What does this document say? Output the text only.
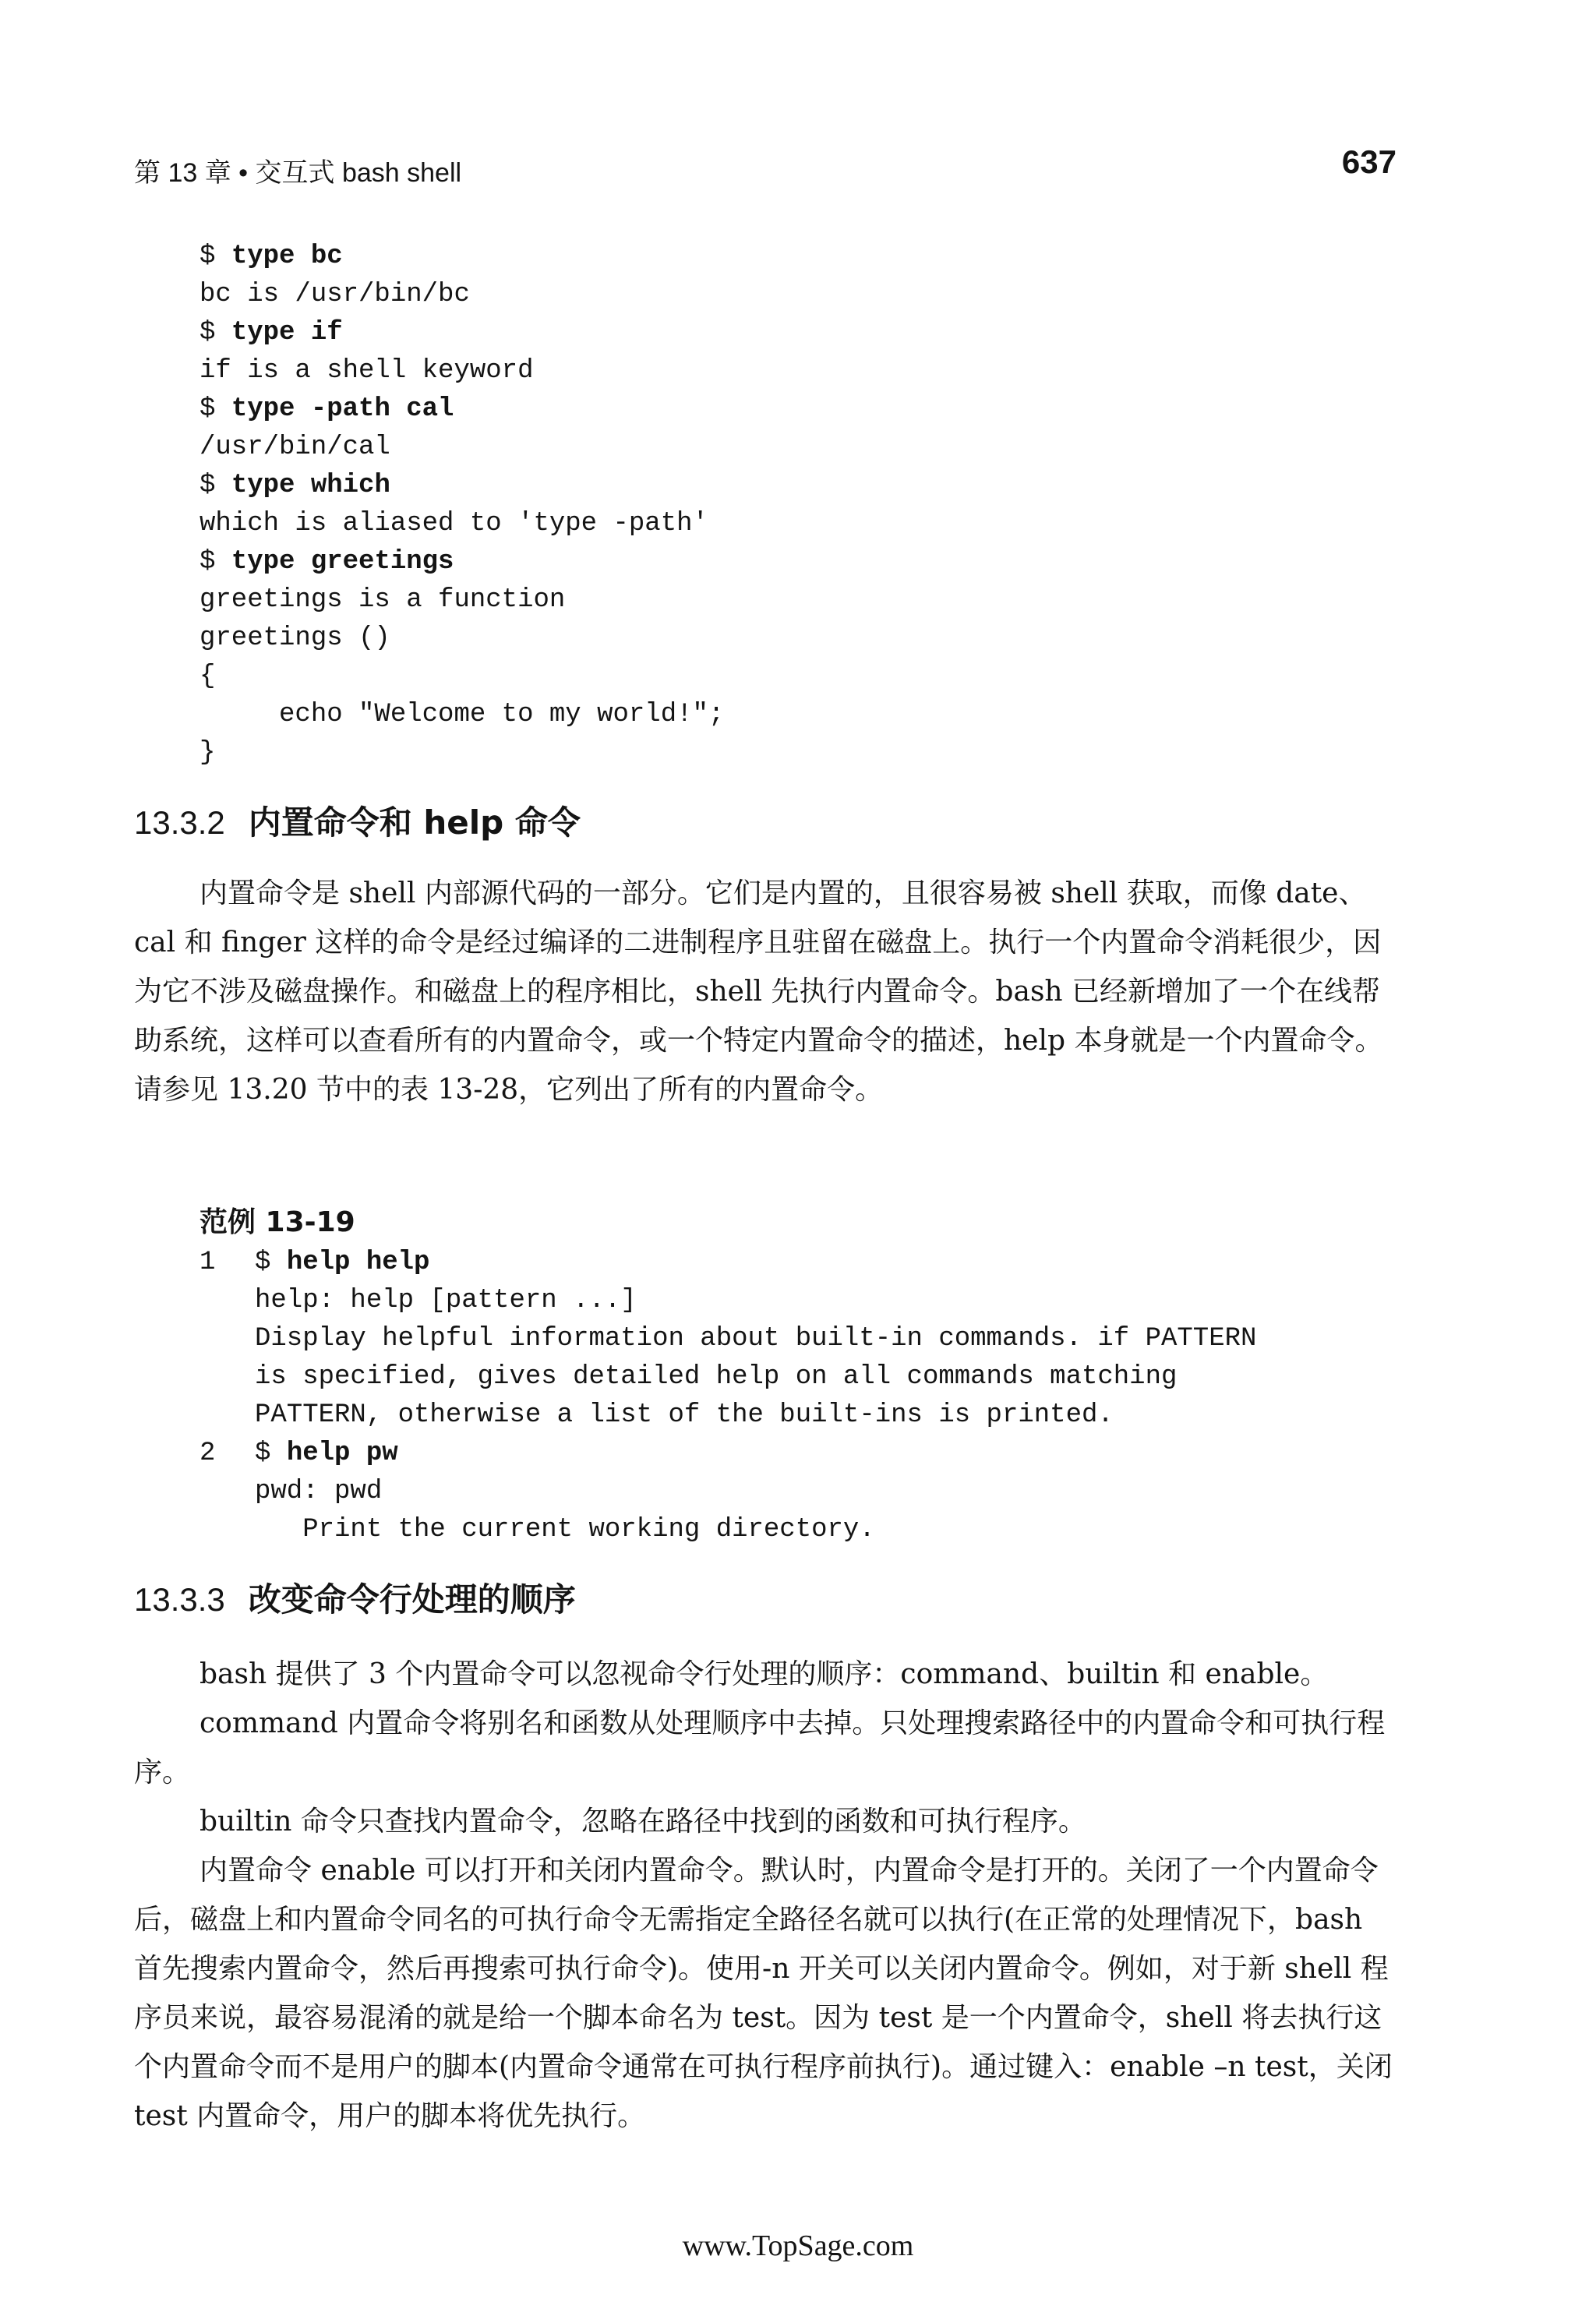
第 13 章 • 交互式 bash shell	637
$ type bc
bc is /usr/bin/bc
$ type if
if is a shell keyword
$ type -path cal
/usr/bin/cal
$ type which
which is aliased to 'type -path'
$ type greetings
greetings is a function
greetings ()
{
echo "Welcome to my world!";
}
13.3.2 内置命令和 help 命令

内置命令是 shell 内部源代码的一部分。它们是内置的，且很容易被 shell 获取，而像 date、cal 和 finger 这样的命令是经过编译的二进制程序且驻留在磁盘上。执行一个内置命令消耗很少，因为它不涉及磁盘操作。和磁盘上的程序相比，shell 先执行内置命令。bash 已经新增加了一个在线帮助系统，这样可以查看所有的内置命令，或一个特定内置命令的描述，help 本身就是一个内置命令。请参见 13.20 节中的表 13-28，它列出了所有的内置命令。

范例 13-19
1 $ help help
help: help [pattern ...]
Display helpful information about built-in commands. if PATTERN
is specified, gives detailed help on all commands matching
PATTERN, otherwise a list of the built-ins is printed.
2 $ help pw
pwd: pwd
Print the current working directory.
13.3.3 改变命令行处理的顺序

bash 提供了 3 个内置命令可以忽视命令行处理的顺序：command、builtin 和 enable。

command 内置命令将别名和函数从处理顺序中去掉。只处理搜索路径中的内置命令和可执行程序。

builtin 命令只查找内置命令，忽略在路径中找到的函数和可执行程序。

内置命令 enable 可以打开和关闭内置命令。默认时，内置命令是打开的。关闭了一个内置命令后，磁盘上和内置命令同名的可执行命令无需指定全路径名就可以执行(在正常的处理情况下，bash 首先搜索内置命令，然后再搜索可执行命令)。使用-n 开关可以关闭内置命令。例如，对于新 shell 程序员来说，最容易混淆的就是给一个脚本命名为 test。因为 test 是一个内置命令，shell 将去执行这个内置命令而不是用户的脚本(内置命令通常在可执行程序前执行)。通过键入：enable –n test，关闭 test 内置命令，用户的脚本将优先执行。

www.TopSage.com
